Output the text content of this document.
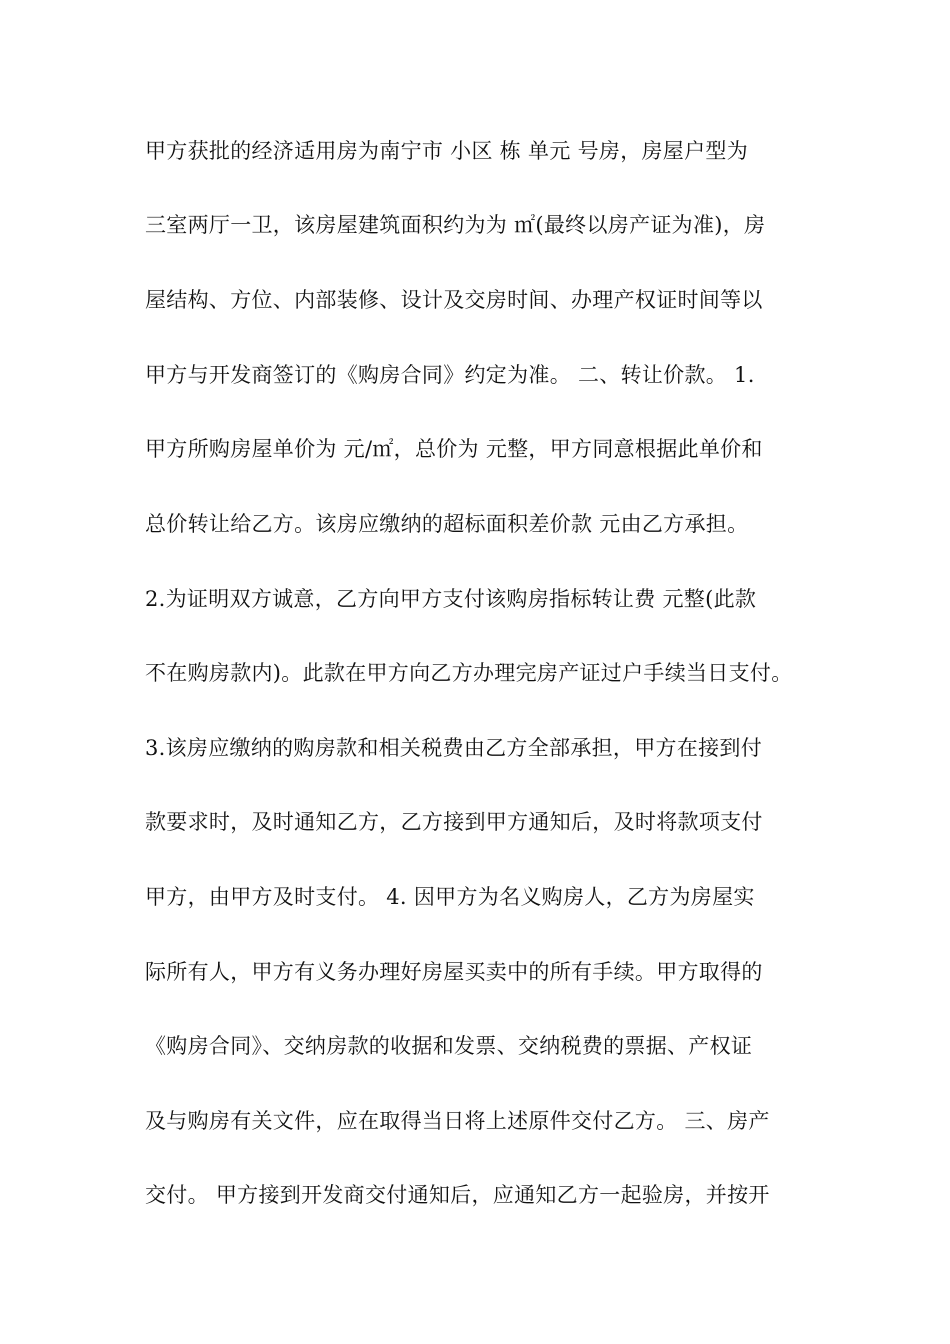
甲方获批的经济适用房为南宁市 小区 栋 单元 号房，房屋户型为
三室两厅一卫，该房屋建筑面积约为为 ㎡(最终以房产证为准)，房
屋结构、方位、内部装修、设计及交房时间、办理产权证时间等以
甲方与开发商签订的《购房合同》约定为准。 二、转让价款。 1.
甲方所购房屋单价为 元/㎡，总价为 元整，甲方同意根据此单价和
总价转让给乙方。该房应缴纳的超标面积差价款 元由乙方承担。
2.为证明双方诚意，乙方向甲方支付该购房指标转让费 元整(此款
不在购房款内)。此款在甲方向乙方办理完房产证过户手续当日支付。
3.该房应缴纳的购房款和相关税费由乙方全部承担，甲方在接到付
款要求时，及时通知乙方，乙方接到甲方通知后，及时将款项支付
甲方，由甲方及时支付。 4. 因甲方为名义购房人，乙方为房屋实
际所有人，甲方有义务办理好房屋买卖中的所有手续。甲方取得的
《购房合同》、交纳房款的收据和发票、交纳税费的票据、产权证
及与购房有关文件，应在取得当日将上述原件交付乙方。 三、房产
交付。 甲方接到开发商交付通知后，应通知乙方一起验房，并按开
